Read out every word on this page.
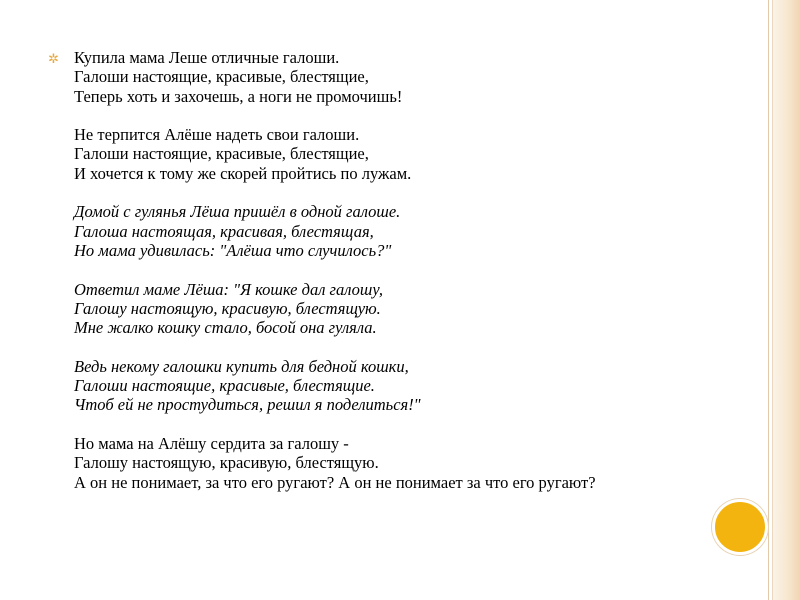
✲ Купила мама Леше отличные галоши.
Галоши настоящие, красивые, блестящие,
Теперь хоть и захочешь, а ноги не промочишь!
Не терпится Алёше надеть свои галоши.
Галоши настоящие, красивые, блестящие,
И хочется к тому же скорей пройтись по лужам.
Домой с гулянья Лёша пришёл в одной галоше.
Галоша настоящая, красивая, блестящая,
Но мама удивилась: "Алёша что случилось?"
Ответил маме Лёша: "Я кошке дал галошу,
Галошу настоящую, красивую, блестящую.
Мне жалко кошку стало, босой она гуляла.
Ведь некому галошки купить для бедной кошки,
Галоши настоящие, красивые, блестящие.
Чтоб ей не простудиться, решил я поделиться!"
Но мама на Алёшу сердита за галошу -
Галошу настоящую, красивую, блестящую.
А он не понимает, за что его ругают? А он не понимает за что его ругают?
